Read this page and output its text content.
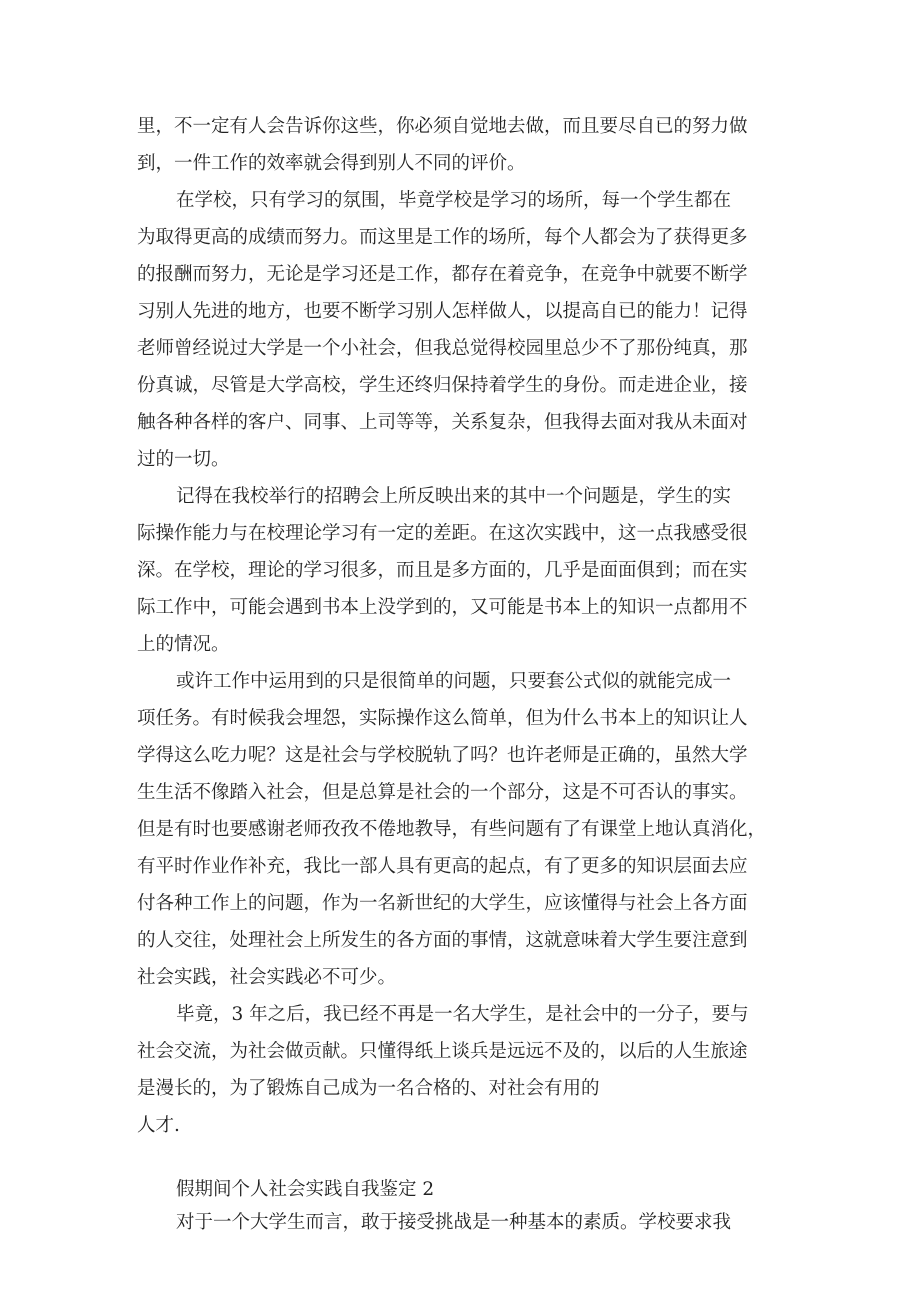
里，不一定有人会告诉你这些，你必须自觉地去做，而且要尽自已的努力做
到，一件工作的效率就会得到别人不同的评价。
在学校，只有学习的氛围，毕竟学校是学习的场所，每一个学生都在
为取得更高的成绩而努力。而这里是工作的场所，每个人都会为了获得更多
的报酬而努力，无论是学习还是工作，都存在着竞争，在竞争中就要不断学
习别人先进的地方，也要不断学习别人怎样做人，以提高自已的能力！记得
老师曾经说过大学是一个小社会，但我总觉得校园里总少不了那份纯真，那
份真诚，尽管是大学高校，学生还终归保持着学生的身份。而走进企业，接
触各种各样的客户、同事、上司等等，关系复杂，但我得去面对我从未面对
过的一切。
记得在我校举行的招聘会上所反映出来的其中一个问题是，学生的实
际操作能力与在校理论学习有一定的差距。在这次实践中，这一点我感受很
深。在学校，理论的学习很多，而且是多方面的，几乎是面面俱到；而在实
际工作中，可能会遇到书本上没学到的，又可能是书本上的知识一点都用不
上的情况。
或许工作中运用到的只是很简单的问题，只要套公式似的就能完成一
项任务。有时候我会埋怨，实际操作这么简单，但为什么书本上的知识让人
学得这么吃力呢？这是社会与学校脱轨了吗？也许老师是正确的，虽然大学
生生活不像踏入社会，但是总算是社会的一个部分，这是不可否认的事实。
但是有时也要感谢老师孜孜不倦地教导，有些问题有了有课堂上地认真消化，
有平时作业作补充，我比一部人具有更高的起点，有了更多的知识层面去应
付各种工作上的问题，作为一名新世纪的大学生，应该懂得与社会上各方面
的人交往，处理社会上所发生的各方面的事情，这就意味着大学生要注意到
社会实践，社会实践必不可少。
毕竟，3 年之后，我已经不再是一名大学生，是社会中的一分子，要与
社会交流，为社会做贡献。只懂得纸上谈兵是远远不及的，以后的人生旅途
是漫长的，为了锻炼自己成为一名合格的、对社会有用的
人才.
假期间个人社会实践自我鉴定 2
对于一个大学生而言，敢于接受挑战是一种基本的素质。学校要求我
